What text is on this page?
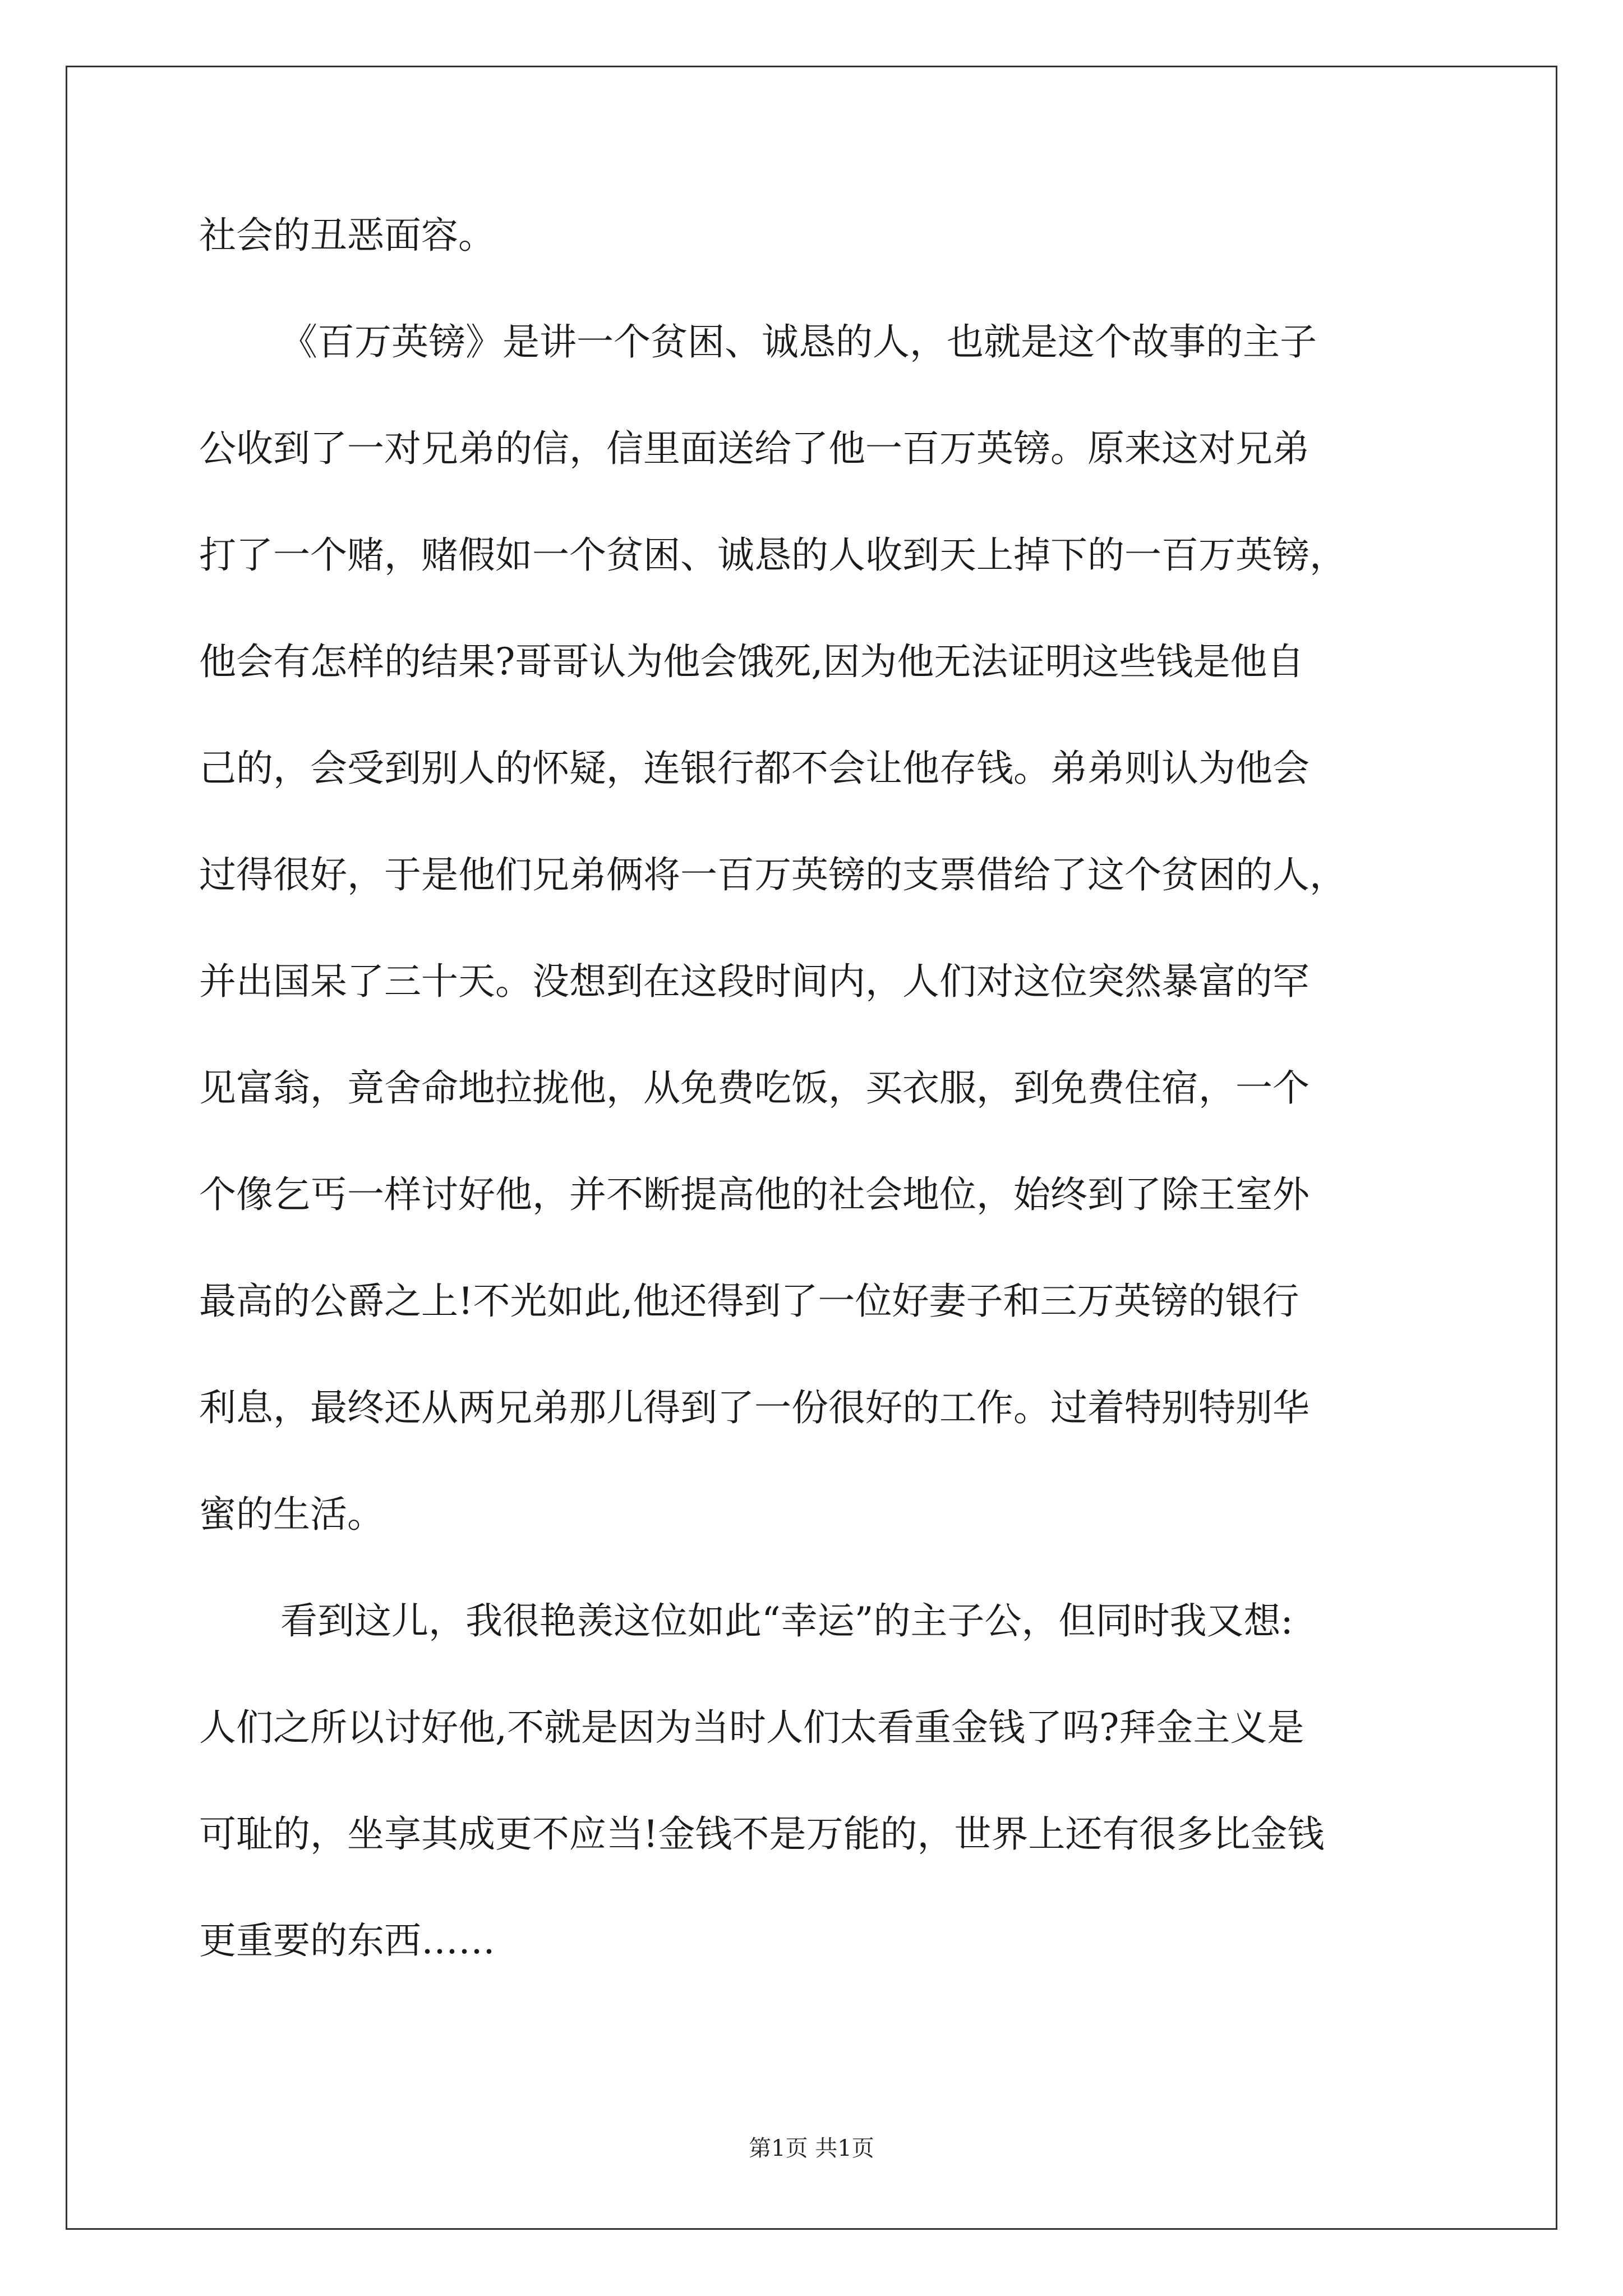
社会的丑恶面容。
《百万英镑》是讲一个贫困、诚恳的人，也就是这个故事的主子
公收到了一对兄弟的信，信里面送给了他一百万英镑。原来这对兄弟
打了一个赌，赌假如一个贫困、诚恳的人收到天上掉下的一百万英镑，
他会有怎样的结果?哥哥认为他会饿死,因为他无法证明这些钱是他自
己的，会受到别人的怀疑，连银行都不会让他存钱。弟弟则认为他会
过得很好，于是他们兄弟俩将一百万英镑的支票借给了这个贫困的人，
并出国呆了三十天。没想到在这段时间内，人们对这位突然暴富的罕
见富翁，竟舍命地拉拢他，从免费吃饭，买衣服，到免费住宿，一个
个像乞丐一样讨好他，并不断提高他的社会地位，始终到了除王室外
最高的公爵之上!不光如此,他还得到了一位好妻子和三万英镑的银行
利息，最终还从两兄弟那儿得到了一份很好的工作。过着特别特别华
蜜的生活。
看到这儿，我很艳羡这位如此“幸运”的主子公，但同时我又想:
人们之所以讨好他,不就是因为当时人们太看重金钱了吗?拜金主义是
可耻的，坐享其成更不应当!金钱不是万能的，世界上还有很多比金钱
更重要的东西……
第1页 共1页
